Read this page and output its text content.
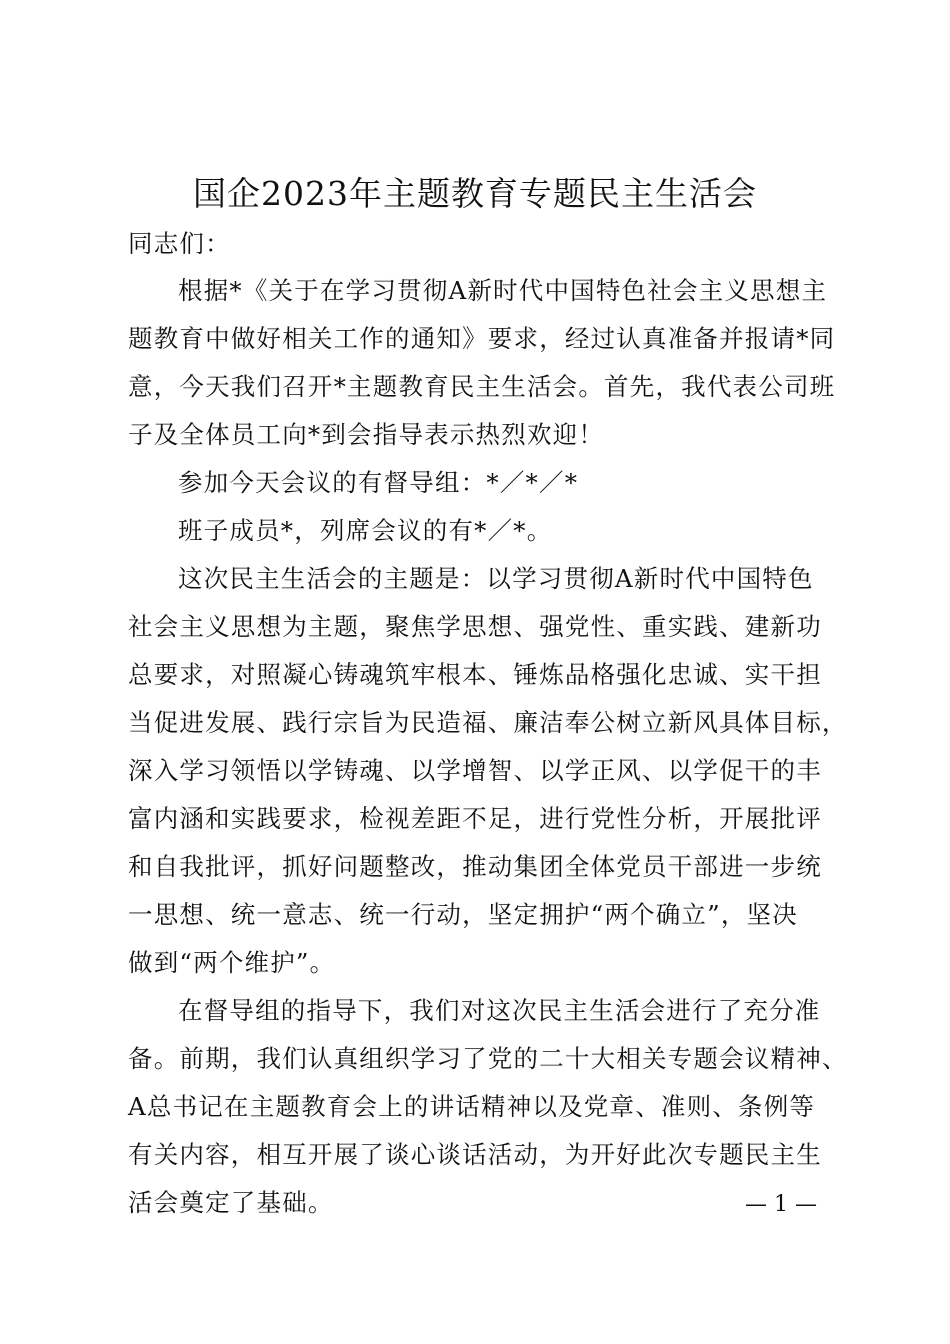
国企2023年主题教育专题民主生活会
同志们：
根据*《关于在学习贯彻A新时代中国特色社会主义思想主
题教育中做好相关工作的通知》要求，经过认真准备并报请*同
意，今天我们召开*主题教育民主生活会。首先，我代表公司班
子及全体员工向*到会指导表示热烈欢迎！
参加今天会议的有督导组：*／*／*
班子成员*，列席会议的有*／*。
这次民主生活会的主题是：以学习贯彻A新时代中国特色
社会主义思想为主题，聚焦学思想、强党性、重实践、建新功
总要求，对照凝心铸魂筑牢根本、锤炼品格强化忠诚、实干担
当促进发展、践行宗旨为民造福、廉洁奉公树立新风具体目标，
深入学习领悟以学铸魂、以学增智、以学正风、以学促干的丰
富内涵和实践要求，检视差距不足，进行党性分析，开展批评
和自我批评，抓好问题整改，推动集团全体党员干部进一步统
一思想、统一意志、统一行动，坚定拥护“两个确立”，坚决
做到“两个维护”。
在督导组的指导下，我们对这次民主生活会进行了充分准
备。前期，我们认真组织学习了党的二十大相关专题会议精神、
A总书记在主题教育会上的讲话精神以及党章、准则、条例等
有关内容，相互开展了谈心谈话活动，为开好此次专题民主生
活会奠定了基础。	— 1 —
